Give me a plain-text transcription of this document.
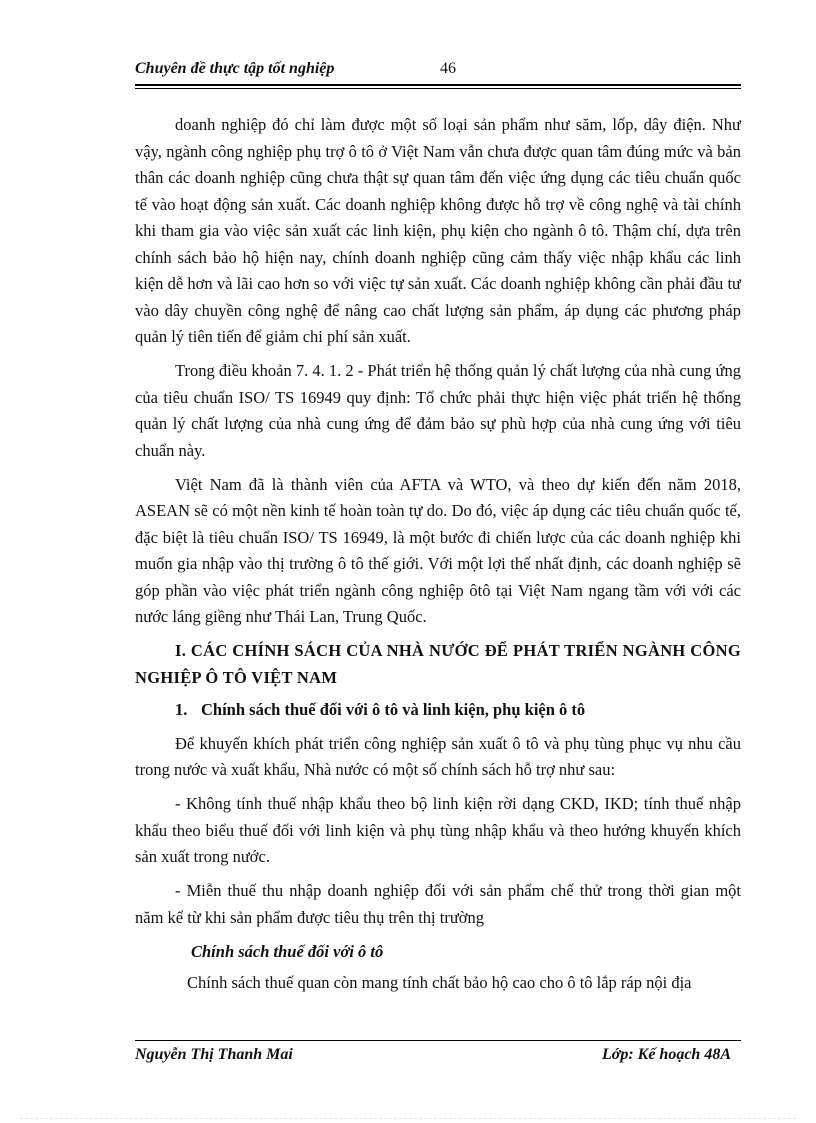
Chuyên đề thực tập tốt nghiệp	46

doanh nghiệp đó chỉ làm được một số loại sản phẩm như săm, lốp, dây điện. Như vậy, ngành công nghiệp phụ trợ ô tô ở Việt Nam vẫn chưa được quan tâm đúng mức và bản thân các doanh nghiệp cũng chưa thật sự quan tâm đến việc ứng dụng các tiêu chuẩn quốc tế vào hoạt động sản xuất. Các doanh nghiệp không được hỗ trợ về công nghệ và tài chính khi tham gia vào việc sản xuất các linh kiện, phụ kiện cho ngành ô tô. Thậm chí, dựa trên chính sách bảo hộ hiện nay, chính doanh nghiệp cũng cảm thấy việc nhập khẩu các linh kiện dễ hơn và lãi cao hơn so với việc tự sản xuất. Các doanh nghiệp không cần phải đầu tư vào dây chuyền công nghệ để nâng cao chất lượng sản phẩm, áp dụng các phương pháp quản lý tiên tiến để giảm chi phí sản xuất.

Trong điều khoản 7. 4. 1. 2 - Phát triển hệ thống quản lý chất lượng của nhà cung ứng của tiêu chuẩn ISO/ TS 16949 quy định: Tổ chức phải thực hiện việc phát triển hệ thống quản lý chất lượng của nhà cung ứng để đảm bảo sự phù hợp của nhà cung ứng với tiêu chuẩn này.

Việt Nam đã là thành viên của AFTA và WTO, và theo dự kiến đến năm 2018, ASEAN sẽ có một nền kinh tế hoàn toàn tự do. Do đó, việc áp dụng các tiêu chuẩn quốc tế, đặc biệt là tiêu chuẩn ISO/ TS 16949, là một bước đi chiến lược của các doanh nghiệp khi muốn gia nhập vào thị trường ô tô thế giới. Với một lợi thế nhất định, các doanh nghiệp sẽ góp phần vào việc phát triển ngành công nghiệp ôtô tại Việt Nam ngang tầm với với các nước láng giềng như Thái Lan, Trung Quốc.

I. CÁC CHÍNH SÁCH CỦA NHÀ NƯỚC ĐỂ PHÁT TRIỂN NGÀNH CÔNG NGHIỆP Ô TÔ VIỆT NAM
1. Chính sách thuế đối với ô tô và linh kiện, phụ kiện ô tô

Để khuyến khích phát triển công nghiệp sản xuất ô tô và phụ tùng phục vụ nhu cầu trong nước và xuất khẩu, Nhà nước có một số chính sách hỗ trợ như sau:

- Không tính thuế nhập khẩu theo bộ linh kiện rời dạng CKD, IKD; tính thuế nhập khẩu theo biểu thuế đối với linh kiện và phụ tùng nhập khẩu và theo hướng khuyến khích sản xuất trong nước.

- Miễn thuế thu nhập doanh nghiệp đối với sản phẩm chế thử trong thời gian một năm kể từ khi sản phẩm được tiêu thụ trên thị trường

Chính sách thuế đối với ô tô

Chính sách thuế quan còn mang tính chất bảo hộ cao cho ô tô lắp ráp nội địa

Nguyễn Thị Thanh Mai	Lớp: Kế hoạch 48A
